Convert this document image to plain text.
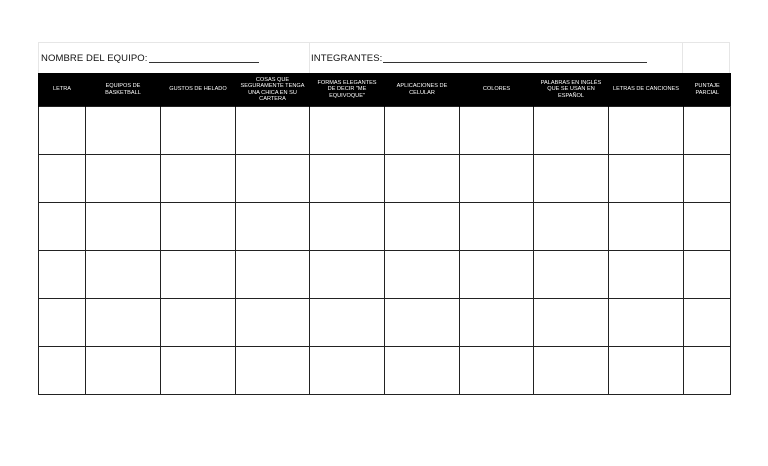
NOMBRE DEL EQUIPO:	INTEGRANTES:
LETRA	EQUIPOS DE BASKETBALL	GUSTOS DE HELADO	COSAS QUE SEGURAMENTE TENGA UNA CHICA EN SU CARTERA	FORMAS ELEGANTES DE DECIR "ME EQUIVOQUE"	APLICACIONES DE CELULAR	COLORES	PALABRAS EN INGLÉS QUE SE USAN EN ESPAÑOL	LETRAS DE CANCIONES	PUNTAJE PARCIAL
